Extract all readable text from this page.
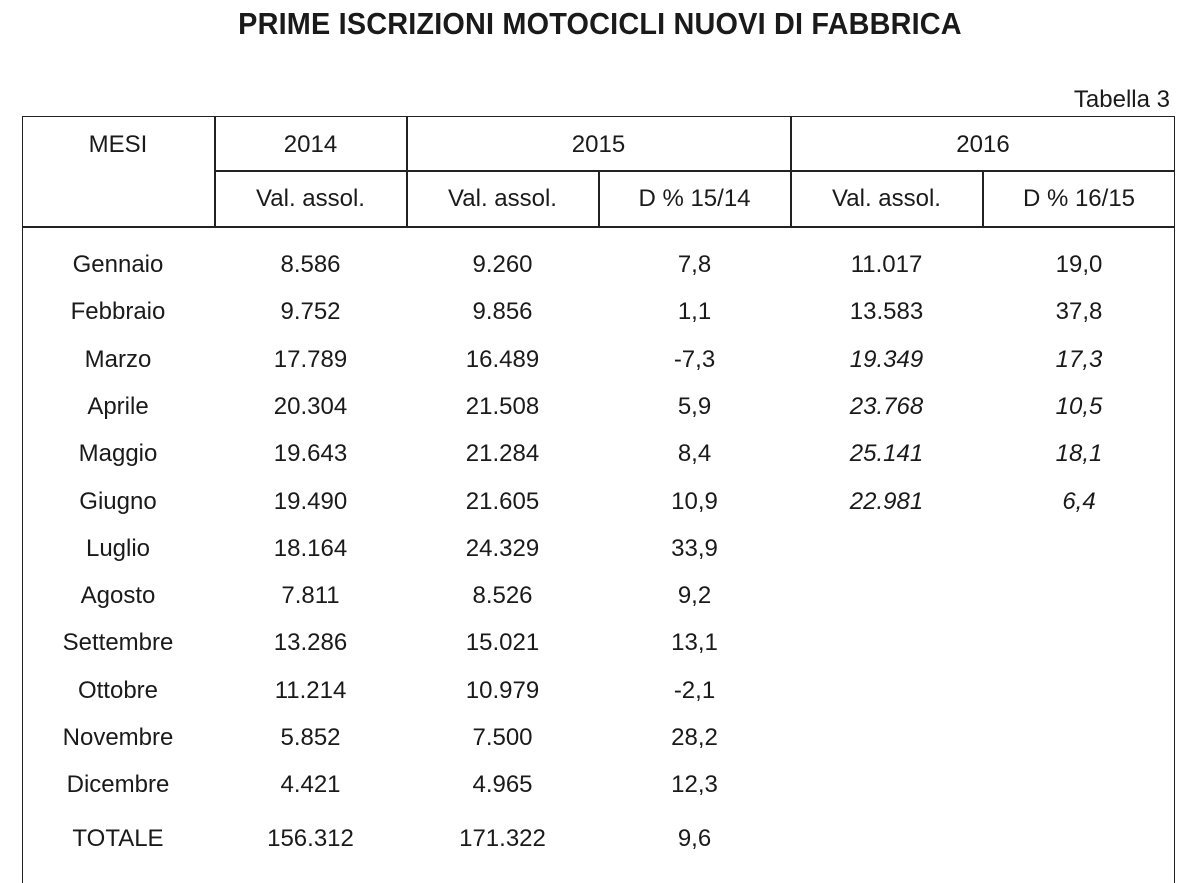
PRIME ISCRIZIONI MOTOCICLI NUOVI DI FABBRICA
Tabella 3
MESI	2014	2015	2016
Val. assol.	Val. assol.	D % 15/14	Val. assol.	D % 16/15
Gennaio	8.586	9.260	7,8	11.017	19,0
Febbraio	9.752	9.856	1,1	13.583	37,8
Marzo	17.789	16.489	-7,3	19.349	17,3
Aprile	20.304	21.508	5,9	23.768	10,5
Maggio	19.643	21.284	8,4	25.141	18,1
Giugno	19.490	21.605	10,9	22.981	6,4
Luglio	18.164	24.329	33,9
Agosto	7.811	8.526	9,2
Settembre	13.286	15.021	13,1
Ottobre	11.214	10.979	-2,1
Novembre	5.852	7.500	28,2
Dicembre	4.421	4.965	12,3
TOTALE	156.312	171.322	9,6
